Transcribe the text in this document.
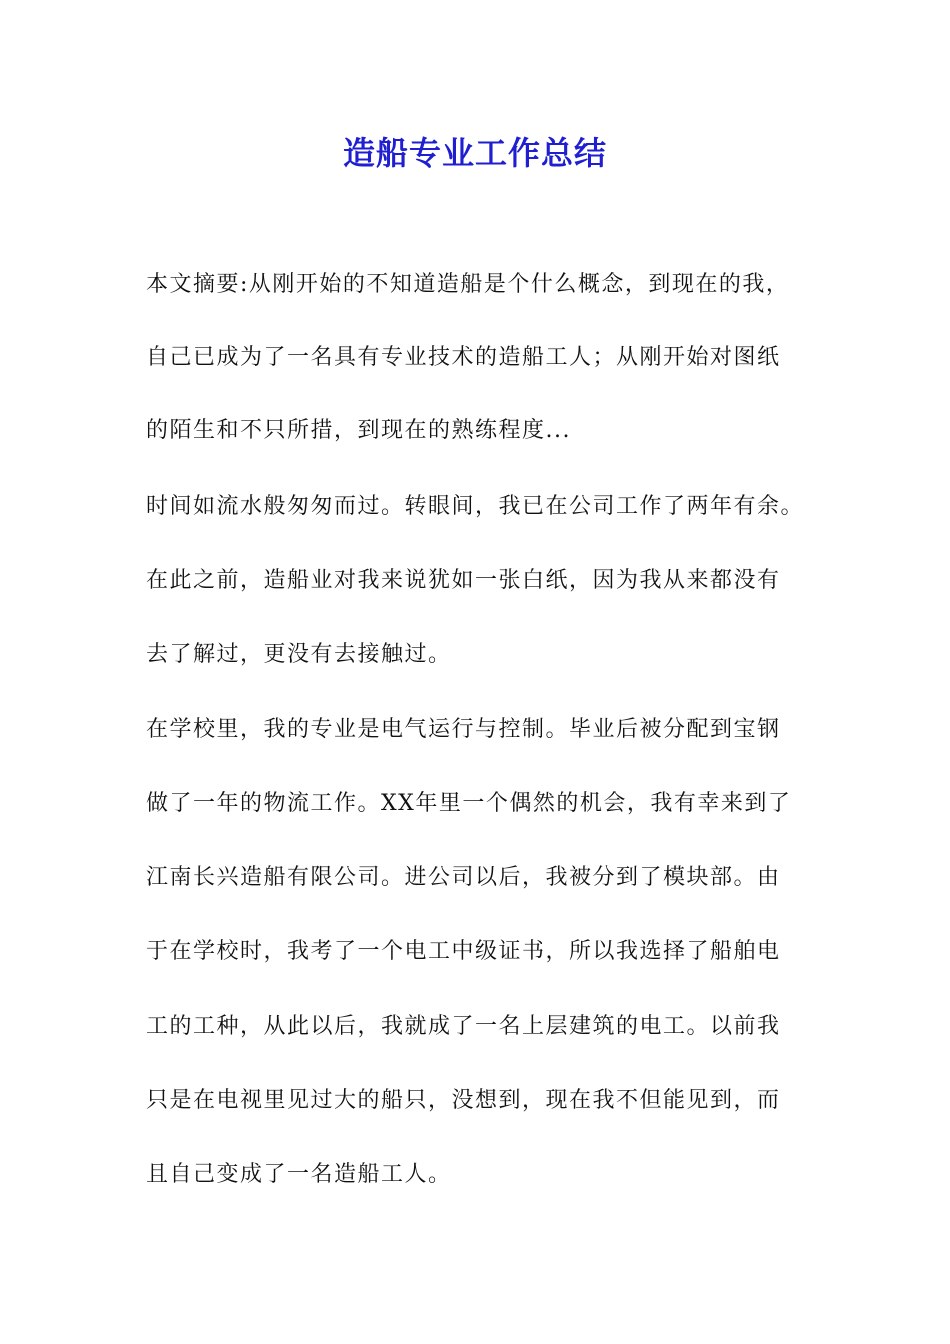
造船专业工作总结
本文摘要:从刚开始的不知道造船是个什么概念，到现在的我，
自己已成为了一名具有专业技术的造船工人；从刚开始对图纸
的陌生和不只所措，到现在的熟练程度...
时间如流水般匆匆而过。转眼间，我已在公司工作了两年有余。
在此之前，造船业对我来说犹如一张白纸，因为我从来都没有
去了解过，更没有去接触过。
在学校里，我的专业是电气运行与控制。毕业后被分配到宝钢
做了一年的物流工作。XX年里一个偶然的机会，我有幸来到了
江南长兴造船有限公司。进公司以后，我被分到了模块部。由
于在学校时，我考了一个电工中级证书，所以我选择了船舶电
工的工种，从此以后，我就成了一名上层建筑的电工。以前我
只是在电视里见过大的船只，没想到，现在我不但能见到，而
且自己变成了一名造船工人。
